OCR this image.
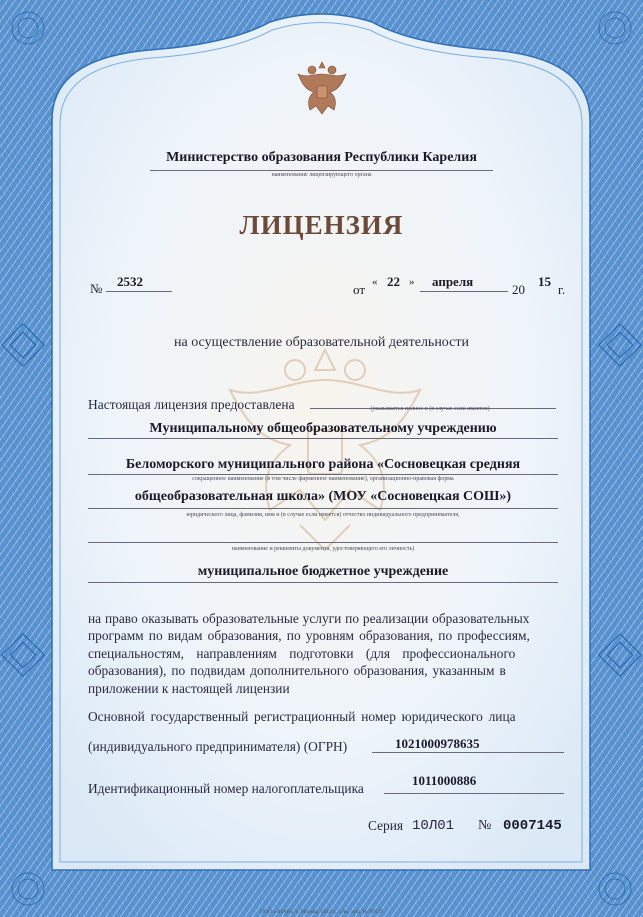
Министерство образования Республики Карелия
наименование лицензирующего органа
ЛИЦЕНЗИЯ
№ 2532
от « 22 » апреля
20
15
г.
на осуществление образовательной деятельности
Настоящая лицензия предоставлена	(указывается полное и (в случае если имеется)
Муниципальному общеобразовательному учреждению
Беломорского муниципального района «Сосновецкая средняя
сокращенное наименование (в том числе фирменное наименование), организационно-правовая форма
общеобразовательная школа» (МОУ «Сосновецкая СОШ»)
юридического лица, фамилия, имя и (в случае если имеется) отчество индивидуального предпринимателя,
наименование и реквизиты документа, удостоверяющего его личность)
муниципальное бюджетное учреждение
на право оказывать образовательные услуги по реализации образовательных
программ по видам образования, по уровням образования, по профессиям,
специальностям, направлениям подготовки (для профессионального
образования), по подвидам дополнительного образования, указанным в
приложении к настоящей лицензии
Основной государственный регистрационный номер юридического лица
(индивидуального предпринимателя) (ОГРН)	1021000978635
Идентификационный номер налогоплательщика
1011000886
Серия 10Л01 № 0007145
ООО «ЗНАК», г. Москва, 2014 г., «А», лиц. № 99129
